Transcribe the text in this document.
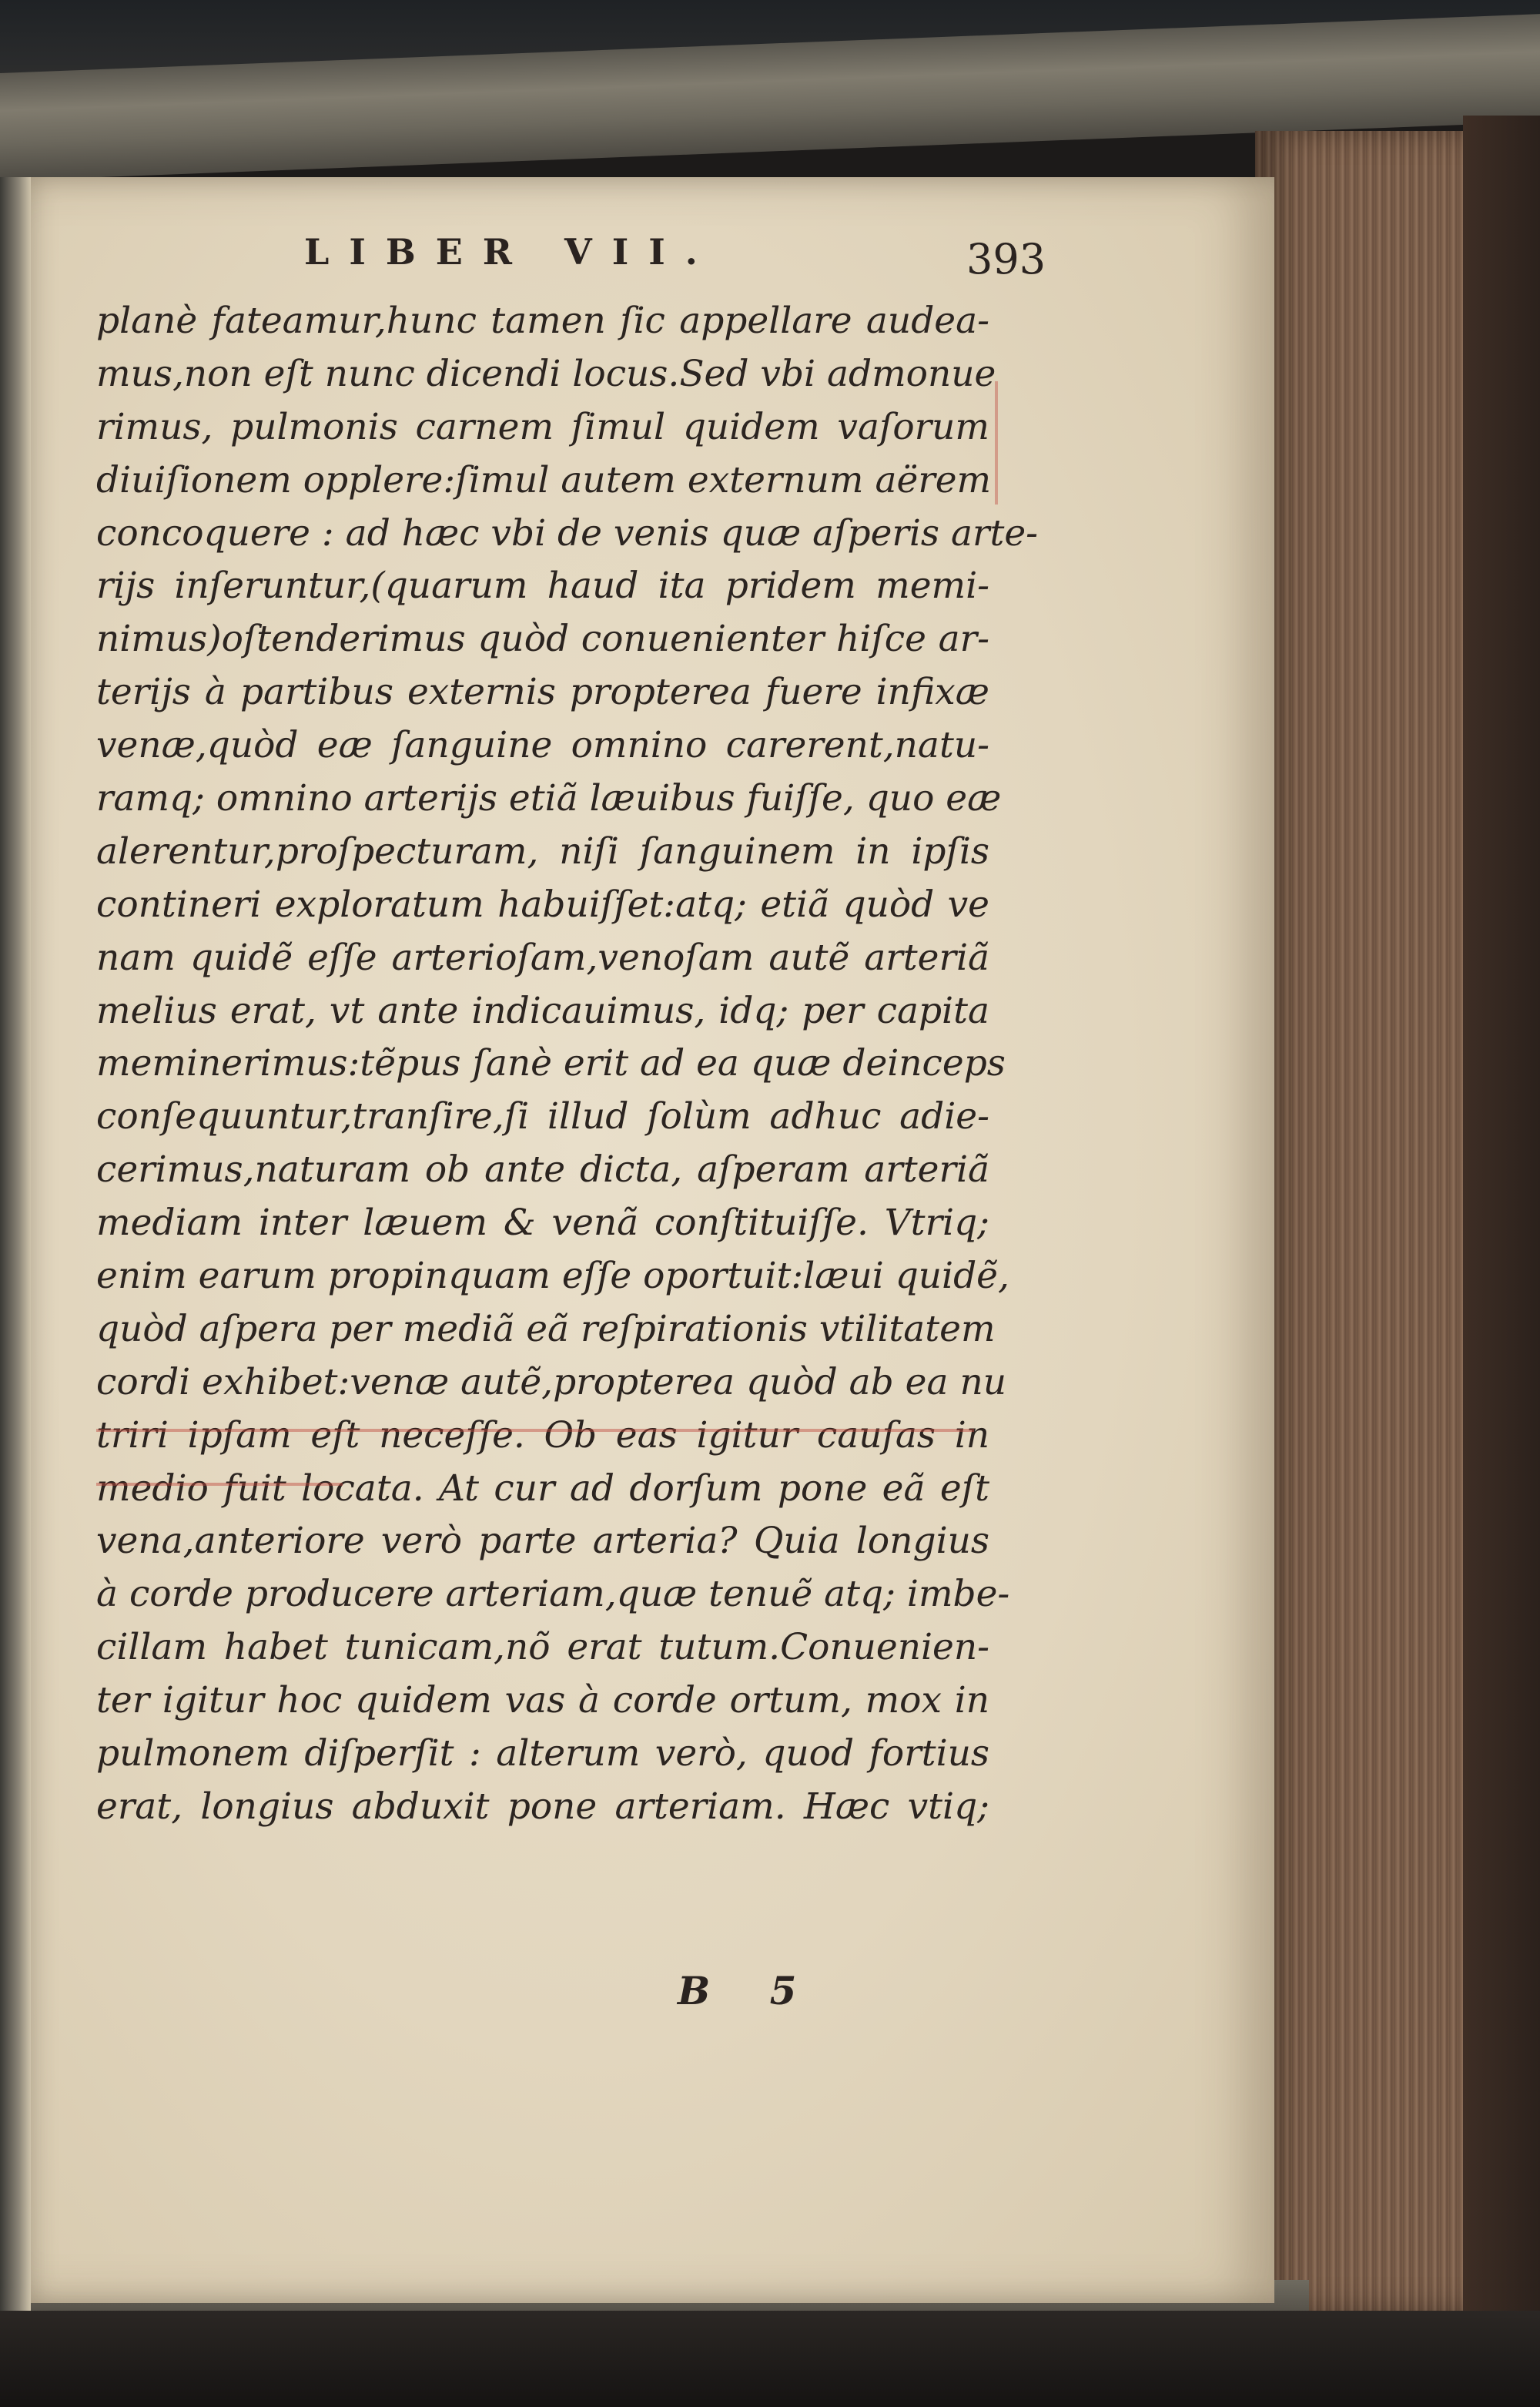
LIBER VII.	393
planè fateamur,hunc tamen ſic appellare audea-
mus,non eſt nunc dicendi locus.Sed vbi admonue
rimus, pulmonis carnem ſimul quidem vaſorum
diuiſionem opplere:ſimul autem externum aërem
concoquere : ad hæc vbi de venis quæ aſperis arte-
rijs inſeruntur,(quarum haud ita pridem memi-
nimus)oſtenderimus quòd conuenienter hiſce ar-
terijs à partibus externis propterea fuere infixæ
venæ,quòd eæ ſanguine omnino carerent,natu-
ramq; omnino arterijs etiã læuibus fuiſſe, quo eæ
alerentur,proſpecturam, niſi ſanguinem in ipſis
contineri exploratum habuiſſet:atq; etiã quòd ve
nam quidẽ eſſe arterioſam,venoſam autẽ arteriã
melius erat, vt ante indicauimus, idq; per capita
meminerimus:tẽpus ſanè erit ad ea quæ deinceps
conſequuntur,tranſire,ſi illud ſolùm adhuc adie-
cerimus,naturam ob ante dicta, aſperam arteriã
mediam inter læuem & venã conſtituiſſe. Vtriq;
enim earum propinquam eſſe oportuit:læui quidẽ,
quòd aſpera per mediã eã reſpirationis vtilitatem
cordi exhibet:venæ autẽ,propterea quòd ab ea nu
triri ipſam eſt neceſſe. Ob eas igitur cauſas in
medio fuit locata. At cur ad dorſum pone eã eſt
vena,anteriore verò parte arteria? Quia longius
à corde producere arteriam,quæ tenuẽ atq; imbe-
cillam habet tunicam,nõ erat tutum.Conuenien-
ter igitur hoc quidem vas à corde ortum, mox in
pulmonem diſperſit : alterum verò, quod fortius
erat, longius abduxit pone arteriam. Hæc vtiq;
B 5
